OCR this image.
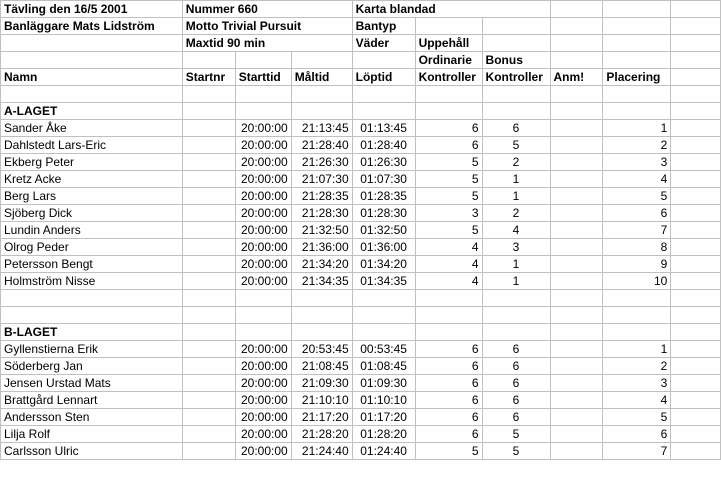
Tävling den 16/5 2001	Nummer 660			Karta blandad					
Banläggare Mats Lidström	Motto Trivial Pursuit			Bantyp					
	Maxtid 90 min			Väder	Uppehåll				
					Ordinarie	Bonus			
Namn	Startnr	Starttid	Måltid	Löptid	Kontroller	Kontroller	Anm!	Placering	

A-LAGET									
Sander Åke		20:00:00	21:13:45	01:13:45	6	6		1	
Dahlstedt Lars-Eric		20:00:00	21:28:40	01:28:40	6	5		2	
Ekberg Peter		20:00:00	21:26:30	01:26:30	5	2		3	
Kretz Acke		20:00:00	21:07:30	01:07:30	5	1		4	
Berg Lars		20:00:00	21:28:35	01:28:35	5	1		5	
Sjöberg Dick		20:00:00	21:28:30	01:28:30	3	2		6	
Lundin Anders		20:00:00	21:32:50	01:32:50	5	4		7	
Olrog Peder		20:00:00	21:36:00	01:36:00	4	3		8	
Petersson Bengt		20:00:00	21:34:20	01:34:20	4	1		9	
Holmström Nisse		20:00:00	21:34:35	01:34:35	4	1		10	

B-LAGET									
Gyllenstierna Erik		20:00:00	20:53:45	00:53:45	6	6		1	
Söderberg Jan		20:00:00	21:08:45	01:08:45	6	6		2	
Jensen Urstad Mats		20:00:00	21:09:30	01:09:30	6	6		3	
Brattgård Lennart		20:00:00	21:10:10	01:10:10	6	6		4	
Andersson Sten		20:00:00	21:17:20	01:17:20	6	6		5	
Lilja Rolf		20:00:00	21:28:20	01:28:20	6	5		6	
Carlsson Ulric		20:00:00	21:24:40	01:24:40	5	5		7	
